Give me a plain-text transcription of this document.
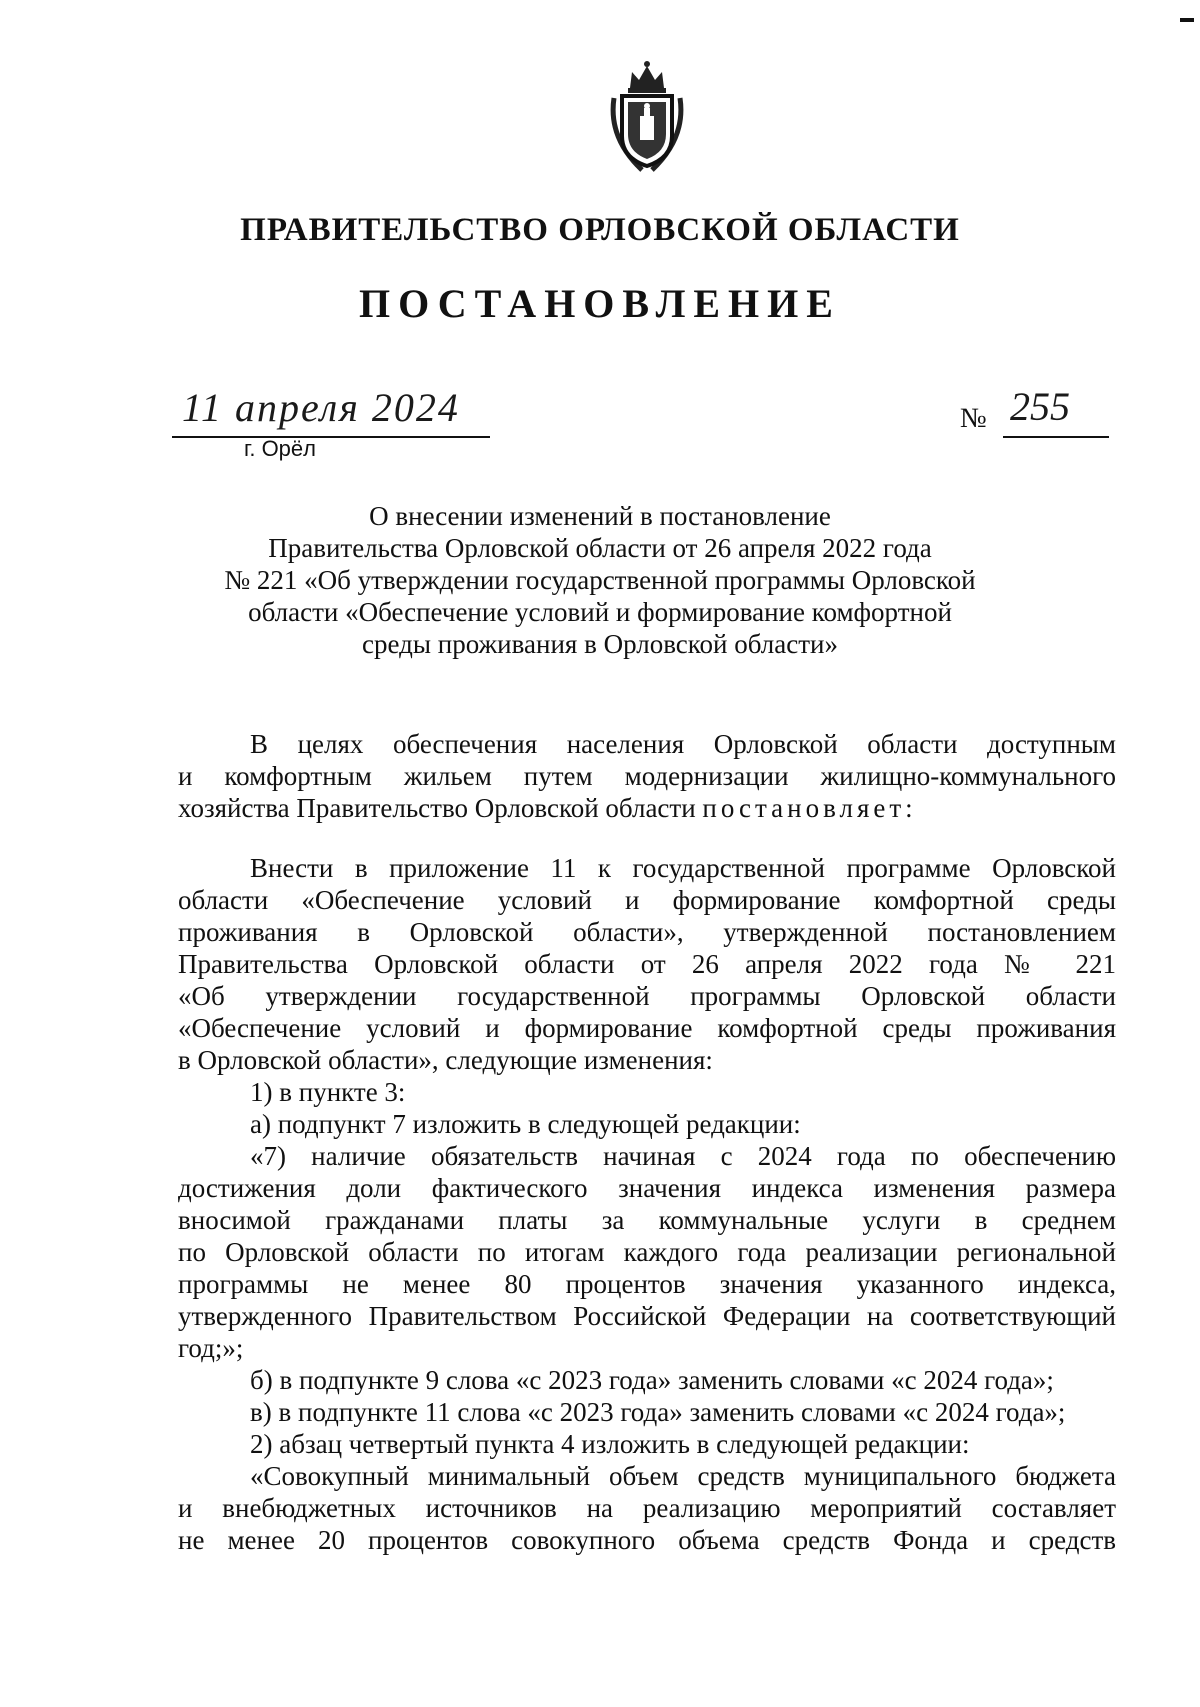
ПРАВИТЕЛЬСТВО ОРЛОВСКОЙ ОБЛАСТИ
ПОСТАНОВЛЕНИЕ
11 апреля 2024
г. Орёл
№ 255
О внесении изменений в постановление
Правительства Орловской области от 26 апреля 2022 года
№ 221 «Об утверждении государственной программы Орловской
области «Обеспечение условий и формирование комфортной
среды проживания в Орловской области»
В целях обеспечения населения Орловской области доступным
и комфортным жильем путем модернизации жилищно-коммунального
хозяйства Правительство Орловской области постановляет:
Внести в приложение 11 к государственной программе Орловской
области «Обеспечение условий и формирование комфортной среды
проживания в Орловской области», утвержденной постановлением
Правительства Орловской области от 26 апреля 2022 года № 221
«Об утверждении государственной программы Орловской области
«Обеспечение условий и формирование комфортной среды проживания
в Орловской области», следующие изменения:
1) в пункте 3:
а) подпункт 7 изложить в следующей редакции:
«7) наличие обязательств начиная с 2024 года по обеспечению
достижения доли фактического значения индекса изменения размера
вносимой гражданами платы за коммунальные услуги в среднем
по Орловской области по итогам каждого года реализации региональной
программы не менее 80 процентов значения указанного индекса,
утвержденного Правительством Российской Федерации на соответствующий
год;»;
б) в подпункте 9 слова «с 2023 года» заменить словами «с 2024 года»;
в) в подпункте 11 слова «с 2023 года» заменить словами «с 2024 года»;
2) абзац четвертый пункта 4 изложить в следующей редакции:
«Совокупный минимальный объем средств муниципального бюджета
и внебюджетных источников на реализацию мероприятий составляет
не менее 20 процентов совокупного объема средств Фонда и средств
